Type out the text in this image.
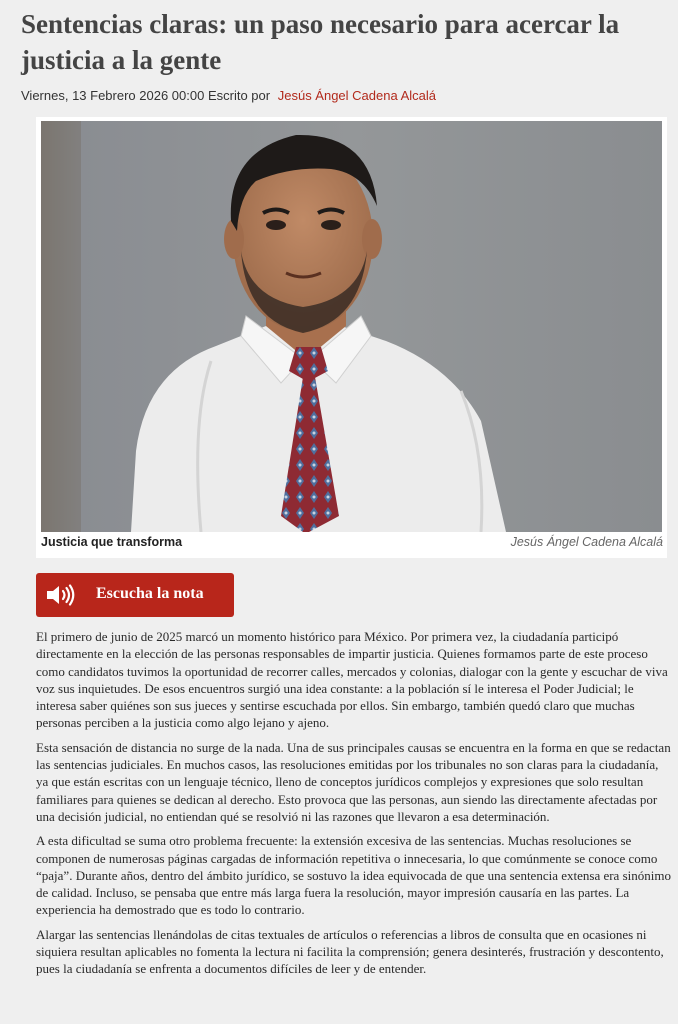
Sentencias claras: un paso necesario para acercar la justicia a la gente
Viernes, 13 Febrero 2026 00:00 Escrito por Jesús Ángel Cadena Alcalá
Justicia que transforma	Jesús Ángel Cadena Alcalá
Escucha la nota

El primero de junio de 2025 marcó un momento histórico para México. Por primera vez, la ciudadanía participó directamente en la elección de las personas responsables de impartir justicia. Quienes formamos parte de este proceso como candidatos tuvimos la oportunidad de recorrer calles, mercados y colonias, dialogar con la gente y escuchar de viva voz sus inquietudes. De esos encuentros surgió una idea constante: a la población sí le interesa el Poder Judicial; le interesa saber quiénes son sus jueces y sentirse escuchada por ellos. Sin embargo, también quedó claro que muchas personas perciben a la justicia como algo lejano y ajeno.

Esta sensación de distancia no surge de la nada. Una de sus principales causas se encuentra en la forma en que se redactan las sentencias judiciales. En muchos casos, las resoluciones emitidas por los tribunales no son claras para la ciudadanía, ya que están escritas con un lenguaje técnico, lleno de conceptos jurídicos complejos y expresiones que solo resultan familiares para quienes se dedican al derecho. Esto provoca que las personas, aun siendo las directamente afectadas por una decisión judicial, no entiendan qué se resolvió ni las razones que llevaron a esa determinación.

A esta dificultad se suma otro problema frecuente: la extensión excesiva de las sentencias. Muchas resoluciones se componen de numerosas páginas cargadas de información repetitiva o innecesaria, lo que comúnmente se conoce como “paja”. Durante años, dentro del ámbito jurídico, se sostuvo la idea equivocada de que una sentencia extensa era sinónimo de calidad. Incluso, se pensaba que entre más larga fuera la resolución, mayor impresión causaría en las partes. La experiencia ha demostrado que es todo lo contrario.

Alargar las sentencias llenándolas de citas textuales de artículos o referencias a libros de consulta que en ocasiones ni siquiera resultan aplicables no fomenta la lectura ni facilita la comprensión; genera desinterés, frustración y descontento, pues la ciudadanía se enfrenta a documentos difíciles de leer y de entender.
